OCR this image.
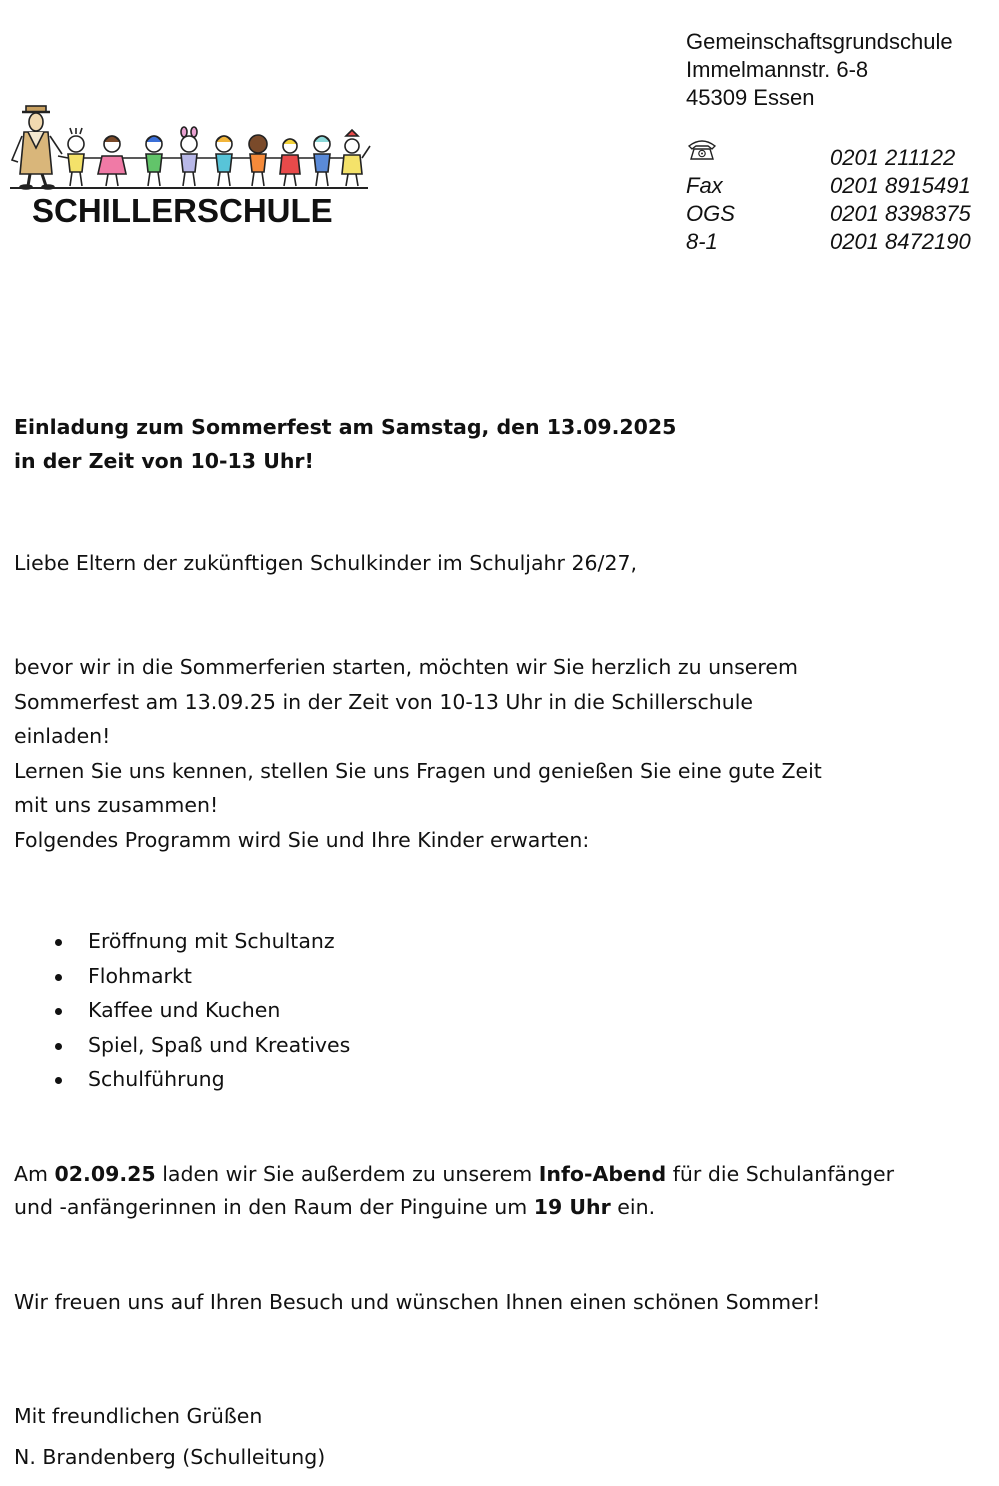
SCHILLERSCHULE
Gemeinschaftsgrundschule
Immelmannstr. 6-8
45309 Essen
0201 211122
Fax	0201 8915491
OGS	0201 8398375
8-1	0201 8472190
Einladung zum Sommerfest am Samstag, den 13.09.2025
in der Zeit von 10-13 Uhr!
Liebe Eltern der zukünftigen Schulkinder im Schuljahr 26/27,
bevor wir in die Sommerferien starten, möchten wir Sie herzlich zu unserem
Sommerfest am 13.09.25 in der Zeit von 10-13 Uhr in die Schillerschule
einladen!
Lernen Sie uns kennen, stellen Sie uns Fragen und genießen Sie eine gute Zeit
mit uns zusammen!
Folgendes Programm wird Sie und Ihre Kinder erwarten:
Eröffnung mit Schultanz
Flohmarkt
Kaffee und Kuchen
Spiel, Spaß und Kreatives
Schulführung
Am 02.09.25 laden wir Sie außerdem zu unserem Info-Abend für die Schulanfänger
und -anfängerinnen in den Raum der Pinguine um 19 Uhr ein.
Wir freuen uns auf Ihren Besuch und wünschen Ihnen einen schönen Sommer!
Mit freundlichen Grüßen
N. Brandenberg (Schulleitung)
